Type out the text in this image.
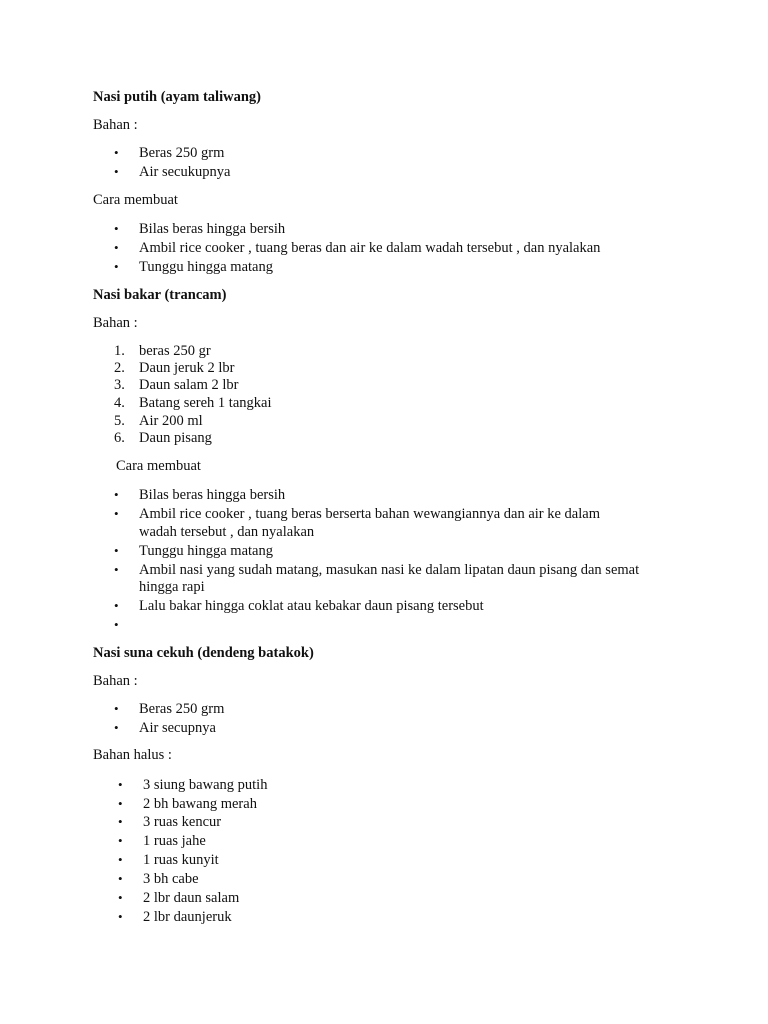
Nasi putih (ayam taliwang)
Bahan :
• Beras 250 grm
• Air secukupnya
Cara membuat
• Bilas beras hingga bersih
• Ambil rice cooker , tuang beras dan air ke dalam wadah tersebut , dan nyalakan
• Tunggu hingga matang
Nasi bakar (trancam)
Bahan :
1. beras 250 gr
2. Daun jeruk 2 lbr
3. Daun salam 2 lbr
4. Batang sereh 1 tangkai
5. Air 200 ml
6. Daun pisang
Cara membuat
• Bilas beras hingga bersih
• Ambil rice cooker , tuang beras berserta bahan wewangiannya dan air ke dalam
wadah tersebut , dan nyalakan
• Tunggu hingga matang
• Ambil nasi yang sudah matang, masukan nasi ke dalam lipatan daun pisang dan semat
hingga rapi
• Lalu bakar hingga coklat atau kebakar daun pisang tersebut
•
Nasi suna cekuh (dendeng batakok)
Bahan :
• Beras 250 grm
• Air secupnya
Bahan halus :
• 3 siung bawang putih
• 2 bh bawang merah
• 3 ruas kencur
• 1 ruas jahe
• 1 ruas kunyit
• 3 bh cabe
• 2 lbr daun salam
• 2 lbr daunjeruk
